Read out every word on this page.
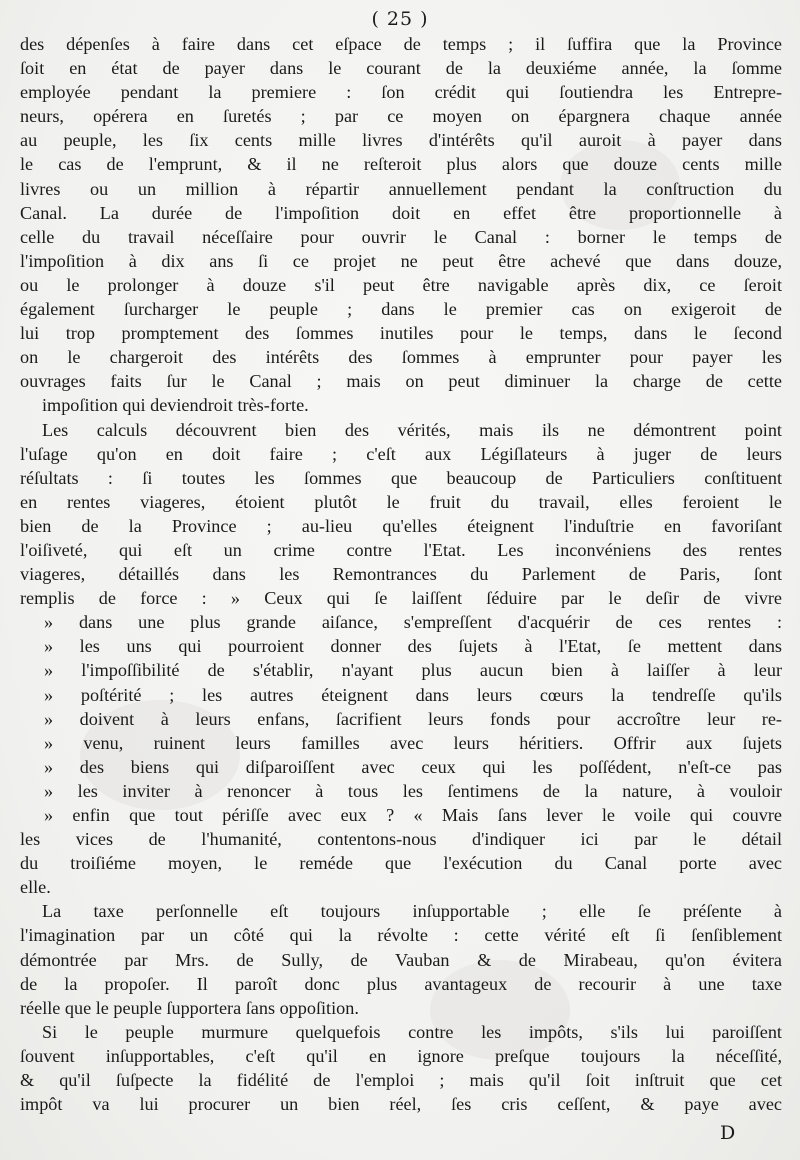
( 25 )
des dépenſes à faire dans cet eſpace de temps ; il ſuffira que la Province
ſoit en état de payer dans le courant de la deuxiéme année, la ſomme
employée pendant la premiere : ſon crédit qui ſoutiendra les Entrepre-
neurs, opérera en ſuretés ; par ce moyen on épargnera chaque année
au peuple, les ſix cents mille livres d'intérêts qu'il auroit à payer dans
le cas de l'emprunt, & il ne reſteroit plus alors que douze cents mille
livres ou un million à répartir annuellement pendant la conſtruction du
Canal. La durée de l'impoſition doit en effet être proportionnelle à
celle du travail néceſſaire pour ouvrir le Canal : borner le temps de
l'impoſition à dix ans ſi ce projet ne peut être achevé que dans douze,
ou le prolonger à douze s'il peut être navigable après dix, ce ſeroit
également ſurcharger le peuple ; dans le premier cas on exigeroit de
lui trop promptement des ſommes inutiles pour le temps, dans le ſecond
on le chargeroit des intérêts des ſommes à emprunter pour payer les
ouvrages faits ſur le Canal ; mais on peut diminuer la charge de cette
impoſition qui deviendroit très-forte.
Les calculs découvrent bien des vérités, mais ils ne démontrent point
l'uſage qu'on en doit faire ; c'eſt aux Légiſlateurs à juger de leurs
réſultats : ſi toutes les ſommes que beaucoup de Particuliers conſtituent
en rentes viageres, étoient plutôt le fruit du travail, elles feroient le
bien de la Province ; au-lieu qu'elles éteignent l'induſtrie en favoriſant
l'oiſiveté, qui eſt un crime contre l'Etat. Les inconvéniens des rentes
viageres, détaillés dans les Remontrances du Parlement de Paris, ſont
remplis de force : » Ceux qui ſe laiſſent ſéduire par le deſir de vivre
» dans une plus grande aiſance, s'empreſſent d'acquérir de ces rentes :
» les uns qui pourroient donner des ſujets à l'Etat, ſe mettent dans
» l'impoſſibilité de s'établir, n'ayant plus aucun bien à laiſſer à leur
» poſtérité ; les autres éteignent dans leurs cœurs la tendreſſe qu'ils
» doivent à leurs enfans, ſacrifient leurs fonds pour accroître leur re-
» venu, ruinent leurs familles avec leurs héritiers. Offrir aux ſujets
» des biens qui diſparoiſſent avec ceux qui les poſſédent, n'eſt-ce pas
» les inviter à renoncer à tous les ſentimens de la nature, à vouloir
» enfin que tout périſſe avec eux ? « Mais ſans lever le voile qui couvre
les vices de l'humanité, contentons-nous d'indiquer ici par le détail
du troiſiéme moyen, le reméde que l'exécution du Canal porte avec
elle.
La taxe perſonnelle eſt toujours inſupportable ; elle ſe préſente à
l'imagination par un côté qui la révolte : cette vérité eſt ſi ſenſiblement
démontrée par Mrs. de Sully, de Vauban & de Mirabeau, qu'on évitera
de la propoſer. Il paroît donc plus avantageux de recourir à une taxe
réelle que le peuple ſupportera ſans oppoſition.
Si le peuple murmure quelquefois contre les impôts, s'ils lui paroiſſent
ſouvent inſupportables, c'eſt qu'il en ignore preſque toujours la néceſſité,
& qu'il ſuſpecte la fidélité de l'emploi ; mais qu'il ſoit inſtruit que cet
impôt va lui procurer un bien réel, ſes cris ceſſent, & paye avec
D
